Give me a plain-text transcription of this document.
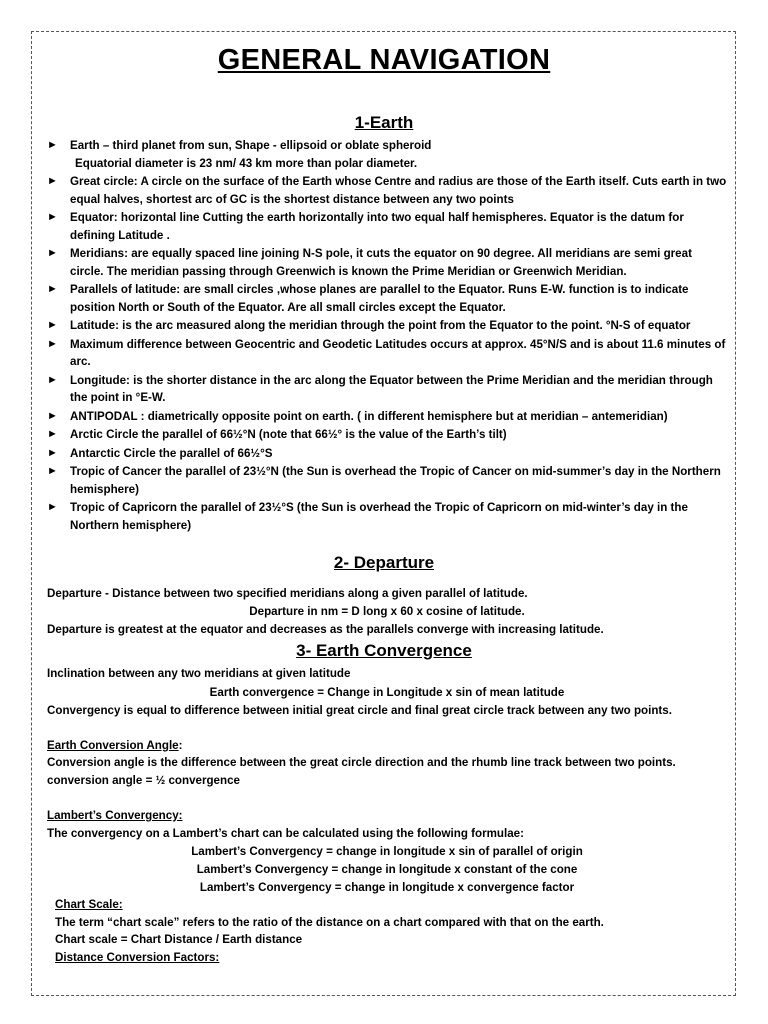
GENERAL NAVIGATION
1-Earth
► Earth – third planet from sun, Shape - ellipsoid or oblate spheroid
Equatorial diameter is 23 nm/ 43 km more than polar diameter.
► Great circle: A circle on the surface of the Earth whose Centre and radius are those of the Earth itself. Cuts earth in two equal halves, shortest arc of GC is the shortest distance between any two points
► Equator: horizontal line Cutting the earth horizontally into two equal half hemispheres. Equator is the datum for defining Latitude .
► Meridians: are equally spaced line joining N-S pole, it cuts the equator on 90 degree. All meridians are semi great circle. The meridian passing through Greenwich is known the Prime Meridian or Greenwich Meridian.
► Parallels of latitude: are small circles ,whose planes are parallel to the Equator. Runs E-W. function is to indicate position North or South of the Equator. Are all small circles except the Equator.
► Latitude: is the arc measured along the meridian through the point from the Equator to the point. °N-S of equator
► Maximum difference between Geocentric and Geodetic Latitudes occurs at approx. 45°N/S and is about 11.6 minutes of arc.
► Longitude: is the shorter distance in the arc along the Equator between the Prime Meridian and the meridian through the point in °E-W.
► ANTIPODAL : diametrically opposite point on earth. ( in different hemisphere but at meridian – antemeridian)
► Arctic Circle the parallel of 66½°N (note that 66½° is the value of the Earth’s tilt)
► Antarctic Circle the parallel of 66½°S
► Tropic of Cancer the parallel of 23½°N (the Sun is overhead the Tropic of Cancer on mid-summer’s day in the Northern hemisphere)
► Tropic of Capricorn the parallel of 23½°S (the Sun is overhead the Tropic of Capricorn on mid-winter’s day in the Northern hemisphere)
2- Departure
Departure - Distance between two specified meridians along a given parallel of latitude.
Departure in nm = D long x 60 x cosine of latitude.
Departure is greatest at the equator and decreases as the parallels converge with increasing latitude.
3- Earth Convergence
Inclination between any two meridians at given latitude
Earth convergence = Change in Longitude x sin of mean latitude
Convergency is equal to difference between initial great circle and final great circle track between any two points.
Earth Conversion Angle:
Conversion angle is the difference between the great circle direction and the rhumb line track between two points.
conversion angle = ½ convergence
Lambert’s Convergency:
The convergency on a Lambert’s chart can be calculated using the following formulae:
Lambert’s Convergency = change in longitude x sin of parallel of origin
Lambert’s Convergency = change in longitude x constant of the cone
Lambert’s Convergency = change in longitude x convergence factor
Chart Scale:
The term “chart scale” refers to the ratio of the distance on a chart compared with that on the earth.
Chart scale = Chart Distance / Earth distance
Distance Conversion Factors:
